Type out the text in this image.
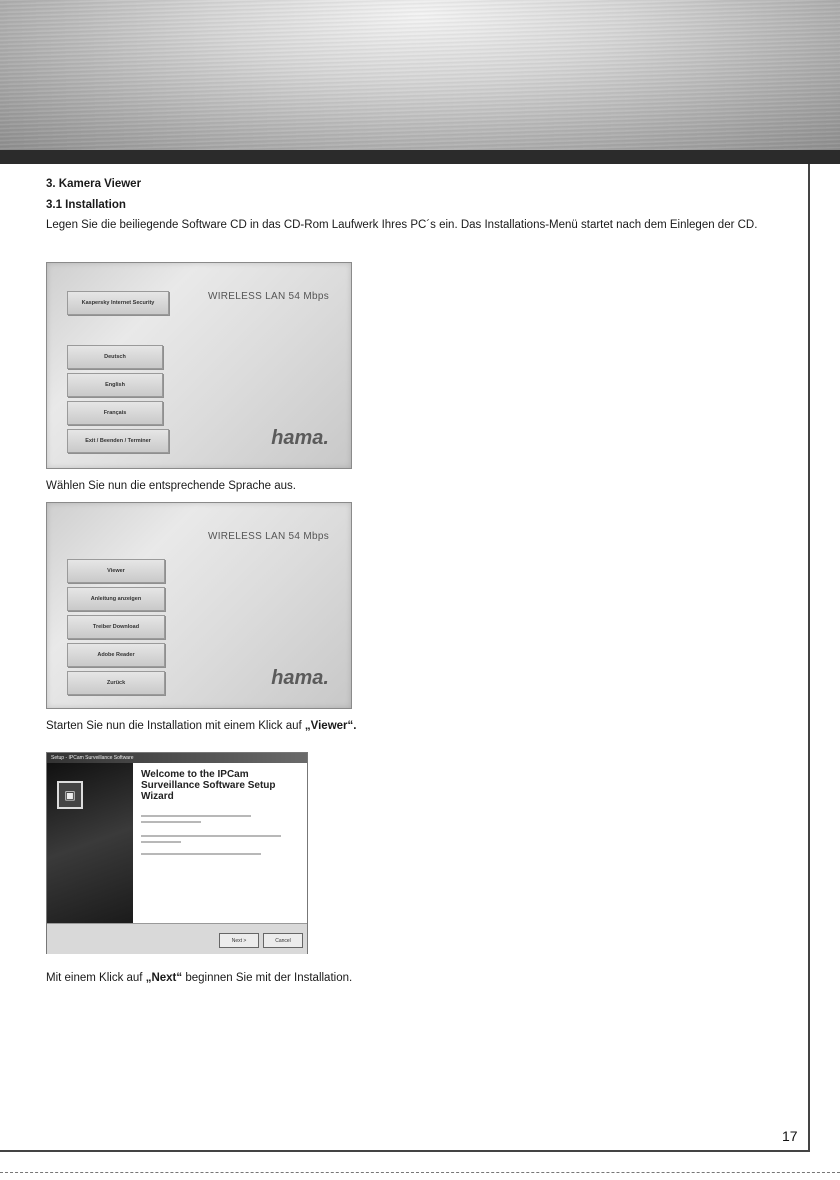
3. Kamera Viewer
3.1 Installation

Legen Sie die beiliegende Software CD in das CD-Rom Laufwerk Ihres PC´s ein. Das Installations-Menü startet nach dem Einlegen der CD.

WIRELESS LAN 54 Mbps
Kaspersky Internet Security
Deutsch
English
Français
Exit / Beenden / Terminer	hama.

Wählen Sie nun die entsprechende Sprache aus.

WIRELESS LAN 54 Mbps
Viewer
Anleitung anzeigen
Treiber Download
Adobe Reader
Zurück	hama.

Starten Sie nun die Installation mit einem Klick auf „Viewer“.

Setup - IPCam Surveillance Software
▣
Welcome to the IPCam Surveillance Software Setup Wizard
Next >	Cancel

Mit einem Klick auf „Next“ beginnen Sie mit der Installation.

17
